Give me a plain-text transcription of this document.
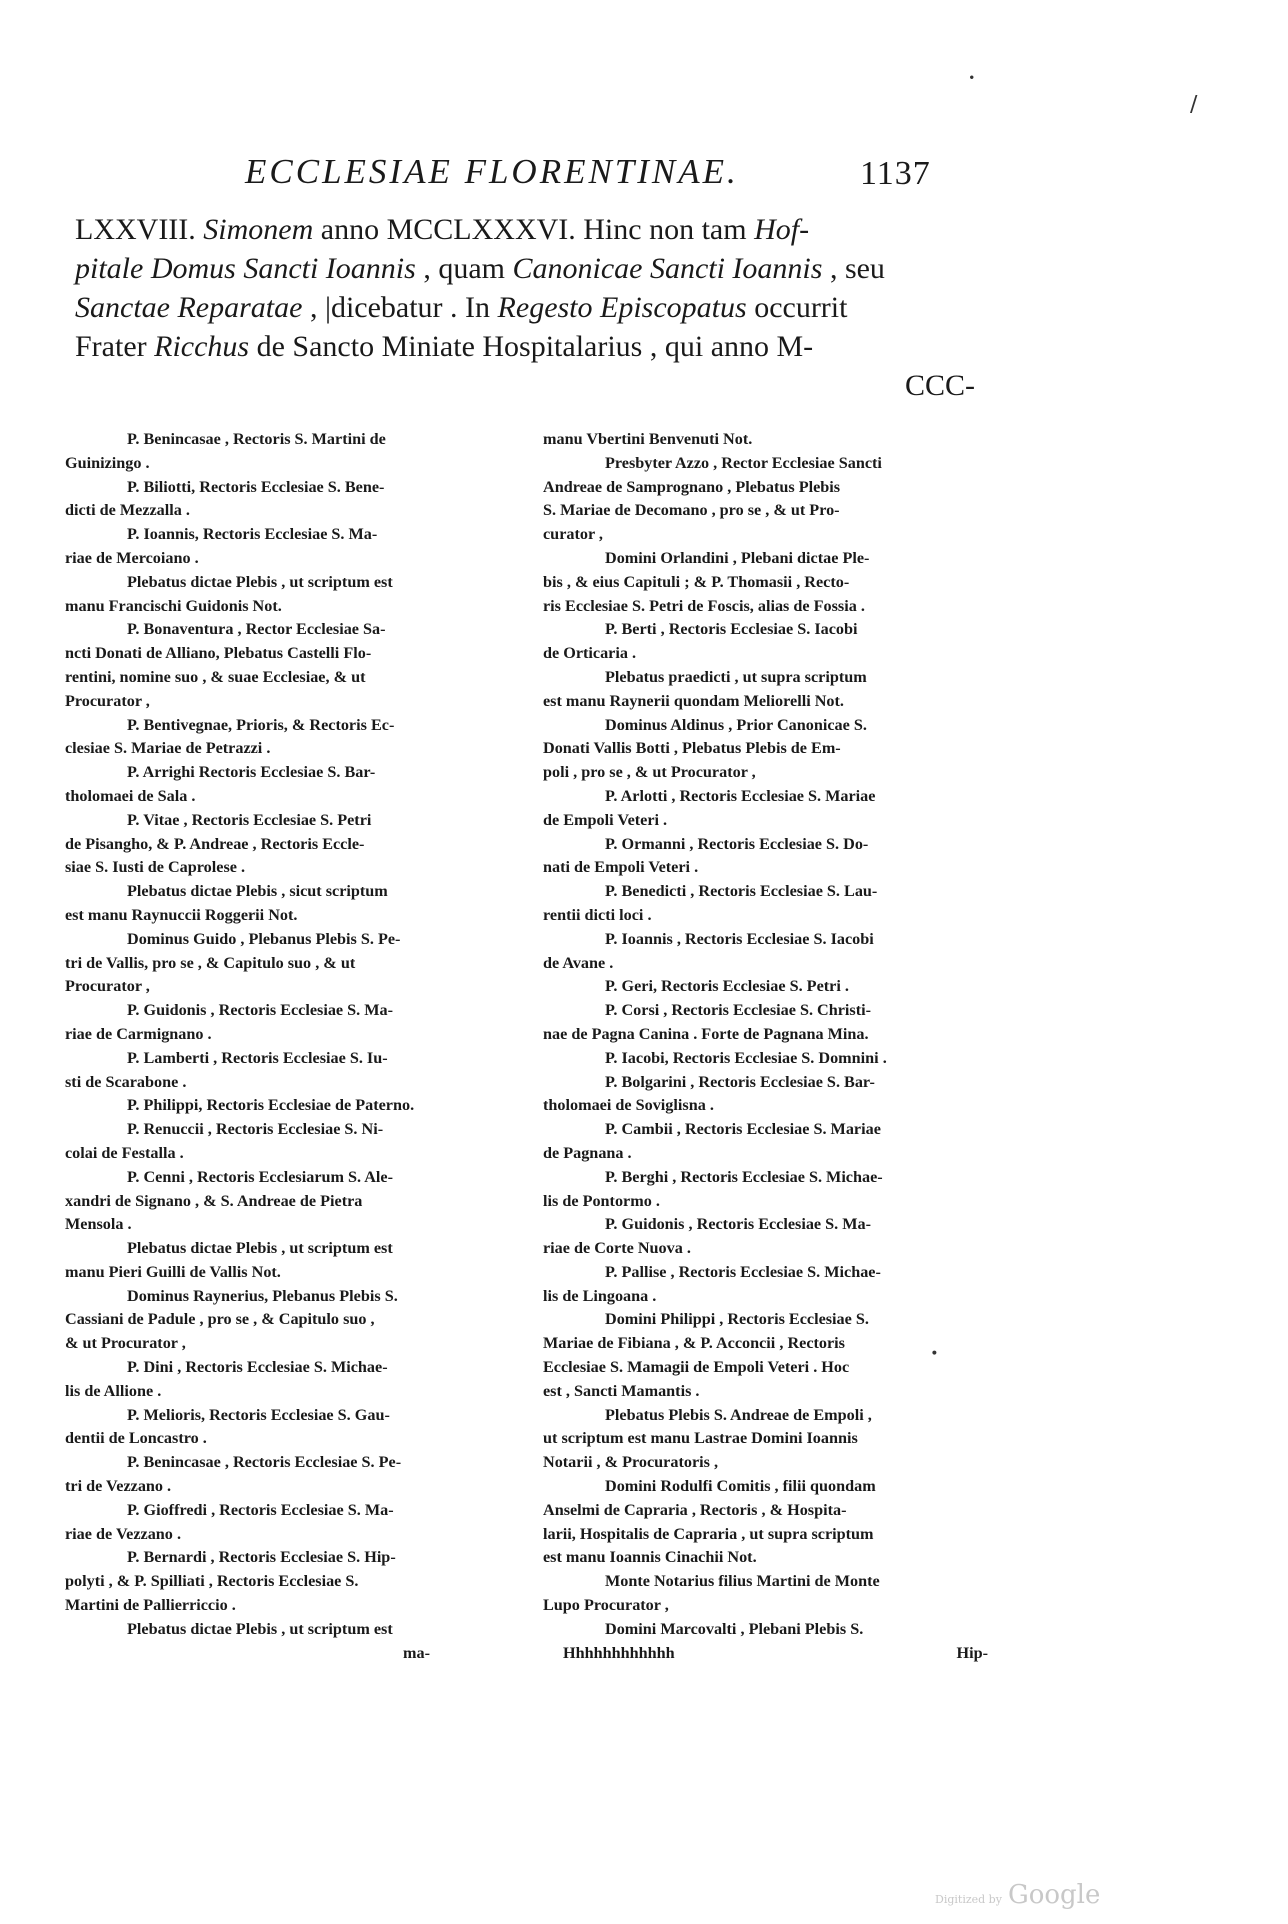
ECCLESIAE FLORENTINAE.	1137
LXXVIII. Simonem anno MCCLXXXVI. Hinc non tam Hof-
pitale Domus Sancti Ioannis , quam Canonicae Sancti Ioannis , seu
Sanctae Reparatae , |dicebatur . In Regesto Episcopatus occurrit
Frater Ricchus de Sancto Miniate Hospitalarius , qui anno M-
CCC-
P. Benincasae , Rectoris S. Martini de
Guinizingo .
P. Biliotti, Rectoris Ecclesiae S. Bene-
dicti de Mezzalla .
P. Ioannis, Rectoris Ecclesiae S. Ma-
riae de Mercoiano .
Plebatus dictae Plebis , ut scriptum est
manu Francischi Guidonis Not.
P. Bonaventura , Rector Ecclesiae Sa-
ncti Donati de Alliano, Plebatus Castelli Flo-
rentini, nomine suo , & suae Ecclesiae, & ut
Procurator ,
P. Bentivegnae, Prioris, & Rectoris Ec-
clesiae S. Mariae de Petrazzi .
P. Arrighi Rectoris Ecclesiae S. Bar-
tholomaei de Sala .
P. Vitae , Rectoris Ecclesiae S. Petri
de Pisangho, & P. Andreae , Rectoris Eccle-
siae S. Iusti de Caprolese .
Plebatus dictae Plebis , sicut scriptum
est manu Raynuccii Roggerii Not.
Dominus Guido , Plebanus Plebis S. Pe-
tri de Vallis, pro se , & Capitulo suo , & ut
Procurator ,
P. Guidonis , Rectoris Ecclesiae S. Ma-
riae de Carmignano .
P. Lamberti , Rectoris Ecclesiae S. Iu-
sti de Scarabone .
P. Philippi, Rectoris Ecclesiae de Paterno.
P. Renuccii , Rectoris Ecclesiae S. Ni-
colai de Festalla .
P. Cenni , Rectoris Ecclesiarum S. Ale-
xandri de Signano , & S. Andreae de Pietra
Mensola .
Plebatus dictae Plebis , ut scriptum est
manu Pieri Guilli de Vallis Not.
Dominus Raynerius, Plebanus Plebis S.
Cassiani de Padule , pro se , & Capitulo suo ,
& ut Procurator ,
P. Dini , Rectoris Ecclesiae S. Michae-
lis de Allione .
P. Melioris, Rectoris Ecclesiae S. Gau-
dentii de Loncastro .
P. Benincasae , Rectoris Ecclesiae S. Pe-
tri de Vezzano .
P. Gioffredi , Rectoris Ecclesiae S. Ma-
riae de Vezzano .
P. Bernardi , Rectoris Ecclesiae S. Hip-
polyti , & P. Spilliati , Rectoris Ecclesiae S.
Martini de Pallierriccio .
Plebatus dictae Plebis , ut scriptum est
ma-
manu Vbertini Benvenuti Not.
Presbyter Azzo , Rector Ecclesiae Sancti
Andreae de Samprognano , Plebatus Plebis
S. Mariae de Decomano , pro se , & ut Pro-
curator ,
Domini Orlandini , Plebani dictae Ple-
bis , & eius Capituli ; & P. Thomasii , Recto-
ris Ecclesiae S. Petri de Foscis, alias de Fossia .
P. Berti , Rectoris Ecclesiae S. Iacobi
de Orticaria .
Plebatus praedicti , ut supra scriptum
est manu Raynerii quondam Meliorelli Not.
Dominus Aldinus , Prior Canonicae S.
Donati Vallis Botti , Plebatus Plebis de Em-
poli , pro se , & ut Procurator ,
P. Arlotti , Rectoris Ecclesiae S. Mariae
de Empoli Veteri .
P. Ormanni , Rectoris Ecclesiae S. Do-
nati de Empoli Veteri .
P. Benedicti , Rectoris Ecclesiae S. Lau-
rentii dicti loci .
P. Ioannis , Rectoris Ecclesiae S. Iacobi
de Avane .
P. Geri, Rectoris Ecclesiae S. Petri .
P. Corsi , Rectoris Ecclesiae S. Christi-
nae de Pagna Canina . Forte de Pagnana Mina.
P. Iacobi, Rectoris Ecclesiae S. Domnini .
P. Bolgarini , Rectoris Ecclesiae S. Bar-
tholomaei de Soviglisna .
P. Cambii , Rectoris Ecclesiae S. Mariae
de Pagnana .
P. Berghi , Rectoris Ecclesiae S. Michae-
lis de Pontormo .
P. Guidonis , Rectoris Ecclesiae S. Ma-
riae de Corte Nuova .
P. Pallise , Rectoris Ecclesiae S. Michae-
lis de Lingoana .
Domini Philippi , Rectoris Ecclesiae S.
Mariae de Fibiana , & P. Acconcii , Rectoris
Ecclesiae S. Mamagii de Empoli Veteri . Hoc
est , Sancti Mamantis .
Plebatus Plebis S. Andreae de Empoli ,
ut scriptum est manu Lastrae Domini Ioannis
Notarii , & Procuratoris ,
Domini Rodulfi Comitis , filii quondam
Anselmi de Capraria , Rectoris , & Hospita-
larii, Hospitalis de Capraria , ut supra scriptum
est manu Ioannis Cinachii Not.
Monte Notarius filius Martini de Monte
Lupo Procurator ,
Domini Marcovalti , Plebani Plebis S.
Hhhhhhhhhhhh	Hip-
∕
∙
∙
Digitized by Google
